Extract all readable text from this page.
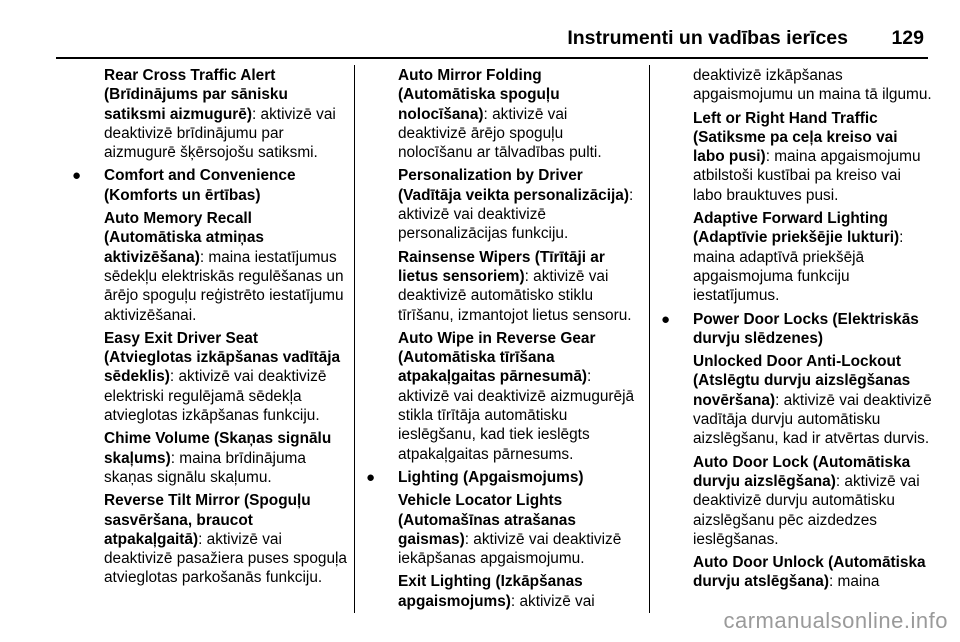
Instrumenti un vadības ierīces 129
Rear Cross Traffic Alert (Brīdinājums par sānisku satiksmi aizmugurē): aktivizē vai deaktivizē brīdinājumu par aizmugurē šķērsojošu satiksmi.
● Comfort and Convenience (Komforts un ērtības)
Auto Memory Recall (Automātiska atmiņas aktivizēšana): maina iestatījumus sēdekļu elektriskās regulēšanas un ārējo spoguļu reģistrēto iestatījumu aktivizēšanai.
Easy Exit Driver Seat (Atvieglotas izkāpšanas vadītāja sēdeklis): aktivizē vai deaktivizē elektriski regulējamā sēdekļa atvieglotas izkāpšanas funkciju.
Chime Volume (Skaņas signālu skaļums): maina brīdinājuma skaņas signālu skaļumu.
Reverse Tilt Mirror (Spoguļu sasvēršana, braucot atpakaļgaitā): aktivizē vai deaktivizē pasažiera puses spoguļa atvieglotas parkošanās funkciju.
Auto Mirror Folding (Automātiska spoguļu nolocīšana): aktivizē vai deaktivizē ārējo spoguļu nolocīšanu ar tālvadības pulti.
Personalization by Driver (Vadītāja veikta personalizācija): aktivizē vai deaktivizē personalizācijas funkciju.
Rainsense Wipers (Tīrītāji ar lietus sensoriem): aktivizē vai deaktivizē automātisko stiklu tīrīšanu, izmantojot lietus sensoru.
Auto Wipe in Reverse Gear (Automātiska tīrīšana atpakaļgaitas pārnesumā): aktivizē vai deaktivizē aizmugurējā stikla tīrītāja automātisku ieslēgšanu, kad tiek ieslēgts atpakaļgaitas pārnesums.
● Lighting (Apgaismojums)
Vehicle Locator Lights (Automašīnas atrašanas gaismas): aktivizē vai deaktivizē iekāpšanas apgaismojumu.
Exit Lighting (Izkāpšanas apgaismojums): aktivizē vai
deaktivizē izkāpšanas apgaismojumu un maina tā ilgumu.
Left or Right Hand Traffic (Satiksme pa ceļa kreiso vai labo pusi): maina apgaismojumu atbilstoši kustībai pa kreiso vai labo brauktuves pusi.
Adaptive Forward Lighting (Adaptīvie priekšējie lukturi): maina adaptīvā priekšējā apgaismojuma funkciju iestatījumus.
● Power Door Locks (Elektriskās durvju slēdzenes)
Unlocked Door Anti-Lockout (Atslēgtu durvju aizslēgšanas novēršana): aktivizē vai deaktivizē vadītāja durvju automātisku aizslēgšanu, kad ir atvērtas durvis.
Auto Door Lock (Automātiska durvju aizslēgšana): aktivizē vai deaktivizē durvju automātisku aizslēgšanu pēc aizdedzes ieslēgšanas.
Auto Door Unlock (Automātiska durvju atslēgšana): maina
carmanualsonline.info
